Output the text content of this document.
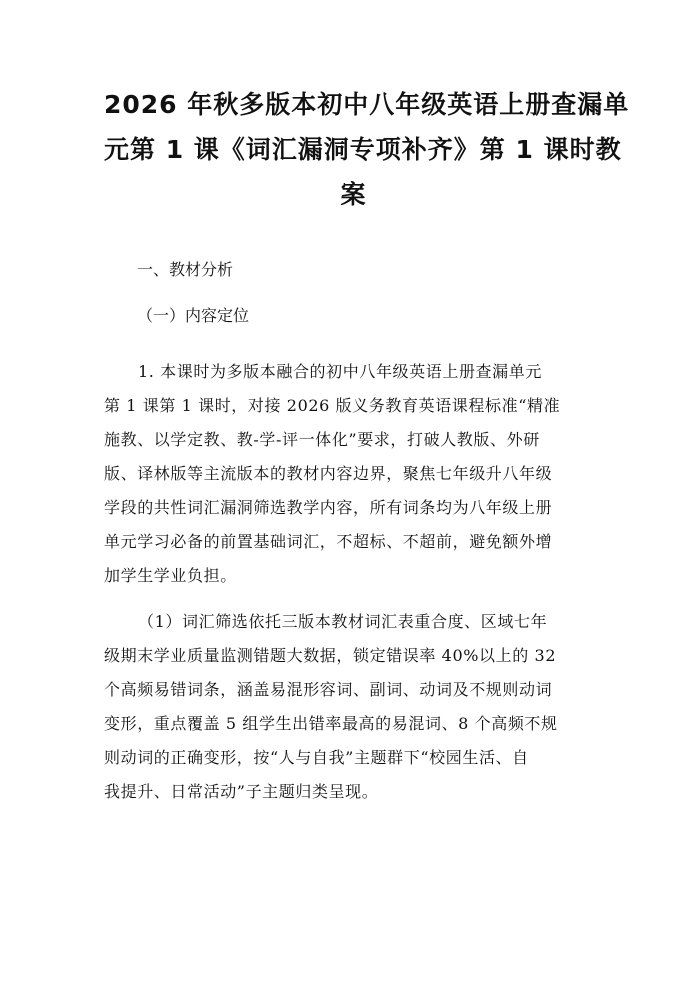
2026 年秋多版本初中八年级英语上册查漏单
元第 1 课《词汇漏洞专项补齐》第 1 课时教
案

一、教材分析

（一）内容定位

1. 本课时为多版本融合的初中八年级英语上册查漏单元
第 1 课第 1 课时，对接 2026 版义务教育英语课程标准“精准
施教、以学定教、教-学-评一体化”要求，打破人教版、外研
版、译林版等主流版本的教材内容边界，聚焦七年级升八年级
学段的共性词汇漏洞筛选教学内容，所有词条均为八年级上册
单元学习必备的前置基础词汇，不超标、不超前，避免额外增
加学生学业负担。
（1）词汇筛选依托三版本教材词汇表重合度、区域七年
级期末学业质量监测错题大数据，锁定错误率 40%以上的 32
个高频易错词条，涵盖易混形容词、副词、动词及不规则动词
变形，重点覆盖 5 组学生出错率最高的易混词、8 个高频不规
则动词的正确变形，按“人与自我”主题群下“校园生活、自
我提升、日常活动”子主题归类呈现。
